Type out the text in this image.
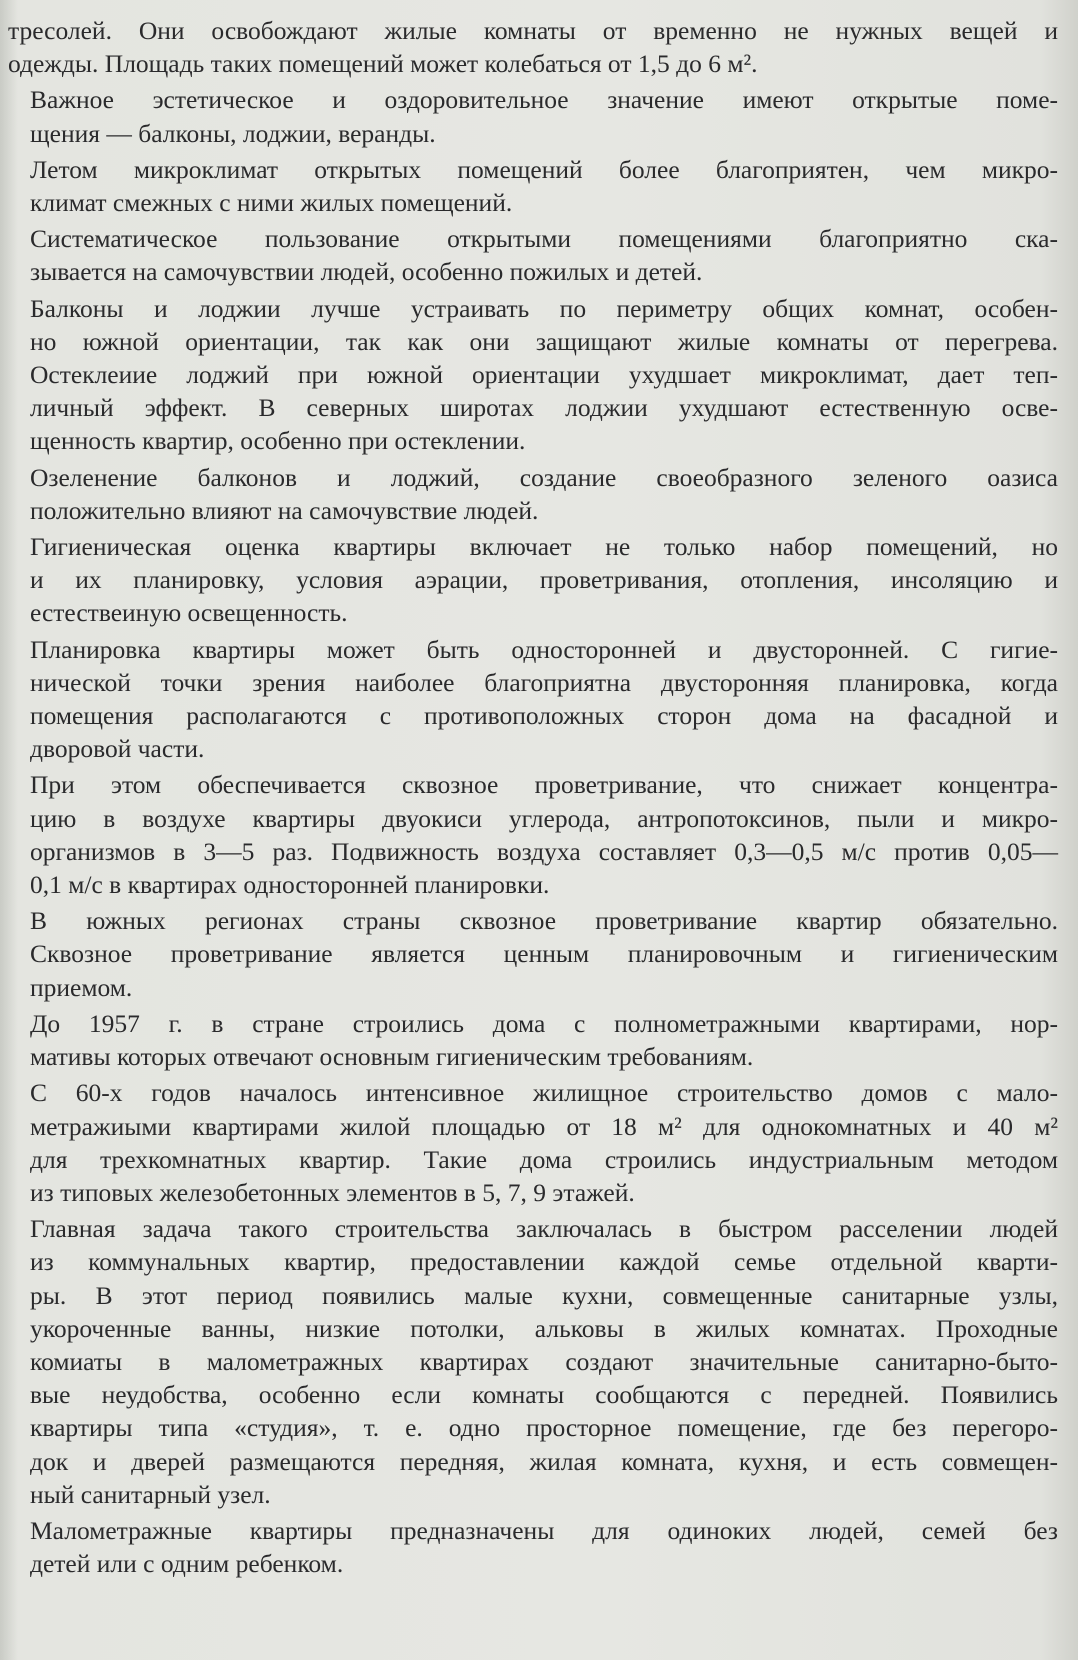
тресолей. Они освобождают жилые комнаты от временно не нужных вещей и
одежды. Площадь таких помещений может колебаться от 1,5 до 6 м².

Важное эстетическое и оздоровительное значение имеют открытые поме-
щения — балконы, лоджии, веранды.

Летом микроклимат открытых помещений более благоприятен, чем микро-
климат смежных с ними жилых помещений.

Систематическое пользование открытыми помещениями благоприятно ска-
зывается на самочувствии людей, особенно пожилых и детей.

Балконы и лоджии лучше устраивать по периметру общих комнат, особен-
но южной ориентации, так как они защищают жилые комнаты от перегрева.
Остеклеиие лоджий при южной ориентации ухудшает микроклимат, дает теп-
личный эффект. В северных широтах лоджии ухудшают естественную осве-
щенность квартир, особенно при остеклении.

Озеленение балконов и лоджий, создание своеобразного зеленого оазиса
положительно влияют на самочувствие людей.

Гигиеническая оценка квартиры включает не только набор помещений, но
и их планировку, условия аэрации, проветривания, отопления, инсоляцию и
естествеиную освещенность.

Планировка квартиры может быть односторонней и двусторонней. С гигие-
нической точки зрения наиболее благоприятна двусторонняя планировка, когда
помещения располагаются с противоположных сторон дома на фасадной и
дворовой части.

При этом обеспечивается сквозное проветривание, что снижает концентра-
цию в воздухе квартиры двуокиси углерода, антропотоксинов, пыли и микро-
организмов в 3—5 раз. Подвижность воздуха составляет 0,3—0,5 м/с против 0,05—
0,1 м/с в квартирах односторонней планировки.

В южных регионах страны сквозное проветривание квартир обязательно.
Сквозное проветривание является ценным планировочным и гигиеническим
приемом.

До 1957 г. в стране строились дома с полнометражными квартирами, нор-
мативы которых отвечают основным гигиеническим требованиям.

С 60-х годов началось интенсивное жилищное строительство домов с мало-
метражиыми квартирами жилой площадью от 18 м² для однокомнатных и 40 м²
для трехкомнатных квартир. Такие дома строились индустриальным методом
из типовых железобетонных элементов в 5, 7, 9 этажей.

Главная задача такого строительства заключалась в быстром расселении людей
из коммунальных квартир, предоставлении каждой семье отдельной кварти-
ры. В этот период появились малые кухни, совмещенные санитарные узлы,
укороченные ванны, низкие потолки, альковы в жилых комнатах. Проходные
комиаты в малометражных квартирах создают значительные санитарно-быто-
вые неудобства, особенно если комнаты сообщаются с передней. Появились
квартиры типа «студия», т. е. одно просторное помещение, где без перегоро-
док и дверей размещаются передняя, жилая комната, кухня, и есть совмещен-
ный санитарный узел.

Малометражные квартиры предназначены для одиноких людей, семей без
детей или с одним ребенком.
